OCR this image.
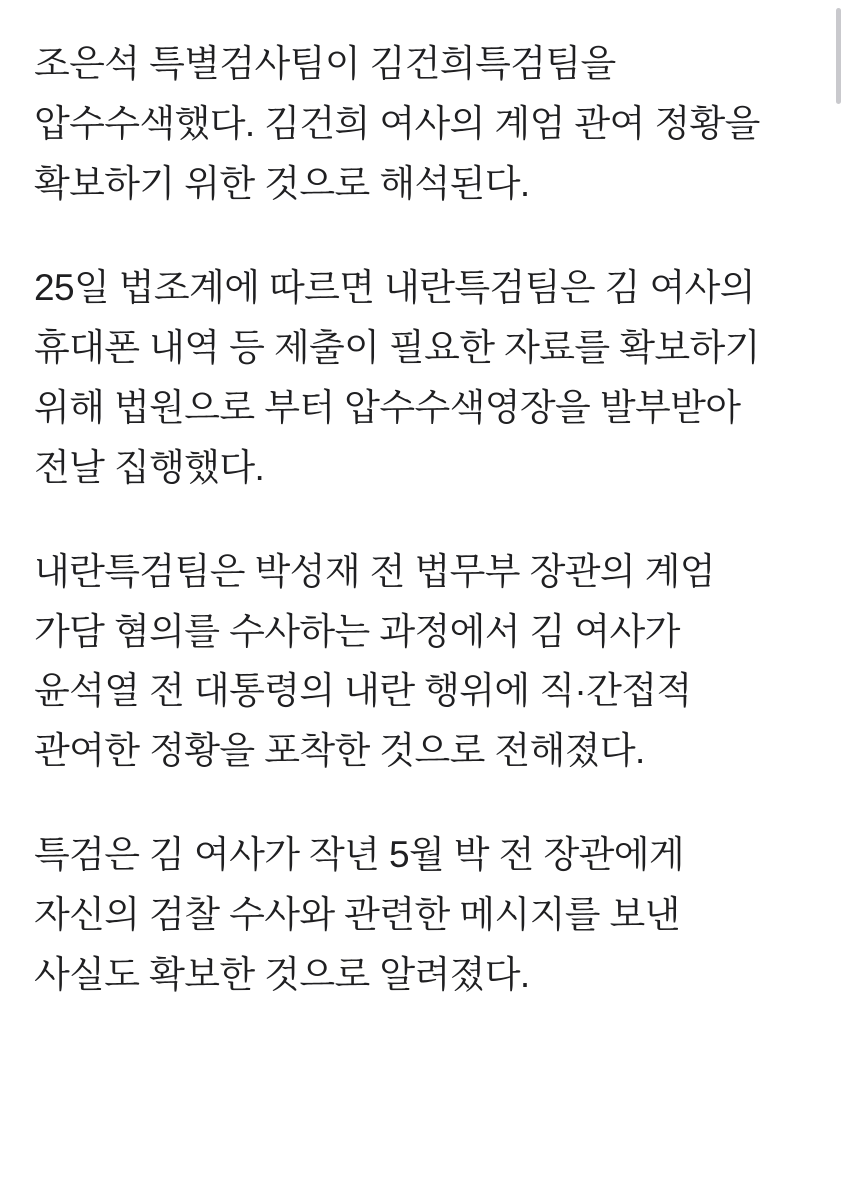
조은석 특별검사팀이 김건희특검팀을 압수수색했다. 김건희 여사의 계엄 관여 정황을 확보하기 위한 것으로 해석된다.

25일 법조계에 따르면 내란특검팀은 김 여사의 휴대폰 내역 등 제출이 필요한 자료를 확보하기 위해 법원으로 부터 압수수색영장을 발부받아 전날 집행했다.

내란특검팀은 박성재 전 법무부 장관의 계엄 가담 혐의를 수사하는 과정에서 김 여사가 윤석열 전 대통령의 내란 행위에 직·간접적 관여한 정황을 포착한 것으로 전해졌다.

특검은 김 여사가 작년 5월 박 전 장관에게 자신의 검찰 수사와 관련한 메시지를 보낸 사실도 확보한 것으로 알려졌다.
